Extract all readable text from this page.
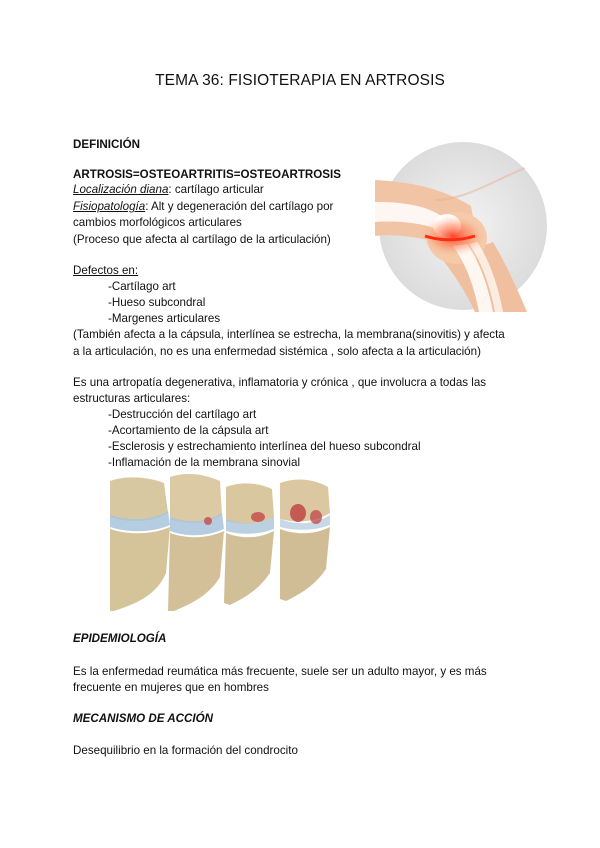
TEMA 36: FISIOTERAPIA EN ARTROSIS
DEFINICIÓN
ARTROSIS=OSTEOARTRITIS=OSTEOARTROSIS
Localización diana: cartílago articular
Fisiopatología: Alt y degeneración del cartílago por
cambios morfológicos articulares
(Proceso que afecta al cartílago de la articulación)
Defectos en:
-Cartílago art
-Hueso subcondral
-Margenes articulares
(También afecta a la cápsula, interlínea se estrecha, la membrana(sinovitis) y afecta
a la articulación, no es una enfermedad sistémica , solo afecta a la articulación)
Es una artropatía degenerativa, inflamatoria y crónica , que involucra a todas las
estructuras articulares:
-Destrucción del cartílago art
-Acortamiento de la cápsula art
-Esclerosis y estrechamiento interlínea del hueso subcondral
-Inflamación de la membrana sinovial
EPIDEMIOLOGÍA
Es la enfermedad reumática más frecuente, suele ser un adulto mayor, y es más
frecuente en mujeres que en hombres
MECANISMO DE ACCIÓN
Desequilibrio en la formación del condrocito
